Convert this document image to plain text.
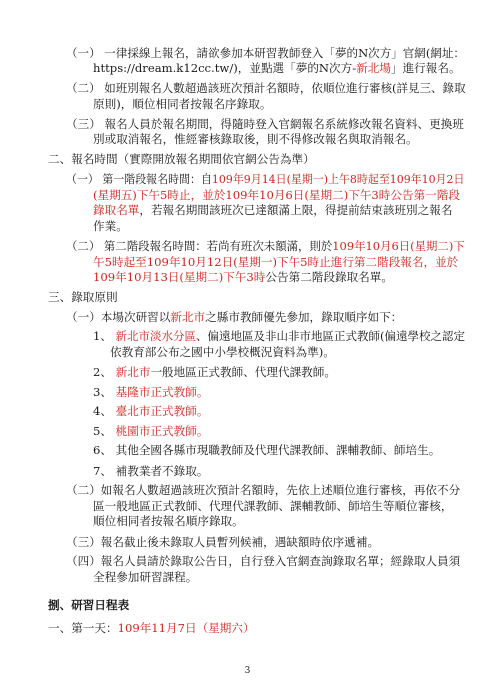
（一） 一律採線上報名，請欲參加本研習教師登入「夢的N次方」官網(網址：
https://dream.k12cc.tw/)，並點選「夢的N次方-新北場」進行報名。
（二） 如班別報名人數超過該班次預計名額時，依順位進行審核(詳見三、錄取
原則)，順位相同者按報名序錄取。
（三） 報名人員於報名期間，得隨時登入官網報名系統修改報名資料、更換班
別或取消報名，惟經審核錄取後，則不得修改報名與取消報名。
二、報名時間（實際開放報名期間依官網公告為準）
（一） 第一階段報名時間：自109年9月14日(星期一)上午8時起至109年10月2日
(星期五)下午5時止，並於109年10月6日(星期二)下午3時公告第一階段
錄取名單，若報名期間該班次已達額滿上限，得提前結束該班別之報名
作業。
（二） 第二階段報名時間：若尚有班次未額滿，則於109年10月6日(星期二)下
午5時起至109年10月12日(星期一)下午5時止進行第二階段報名，並於
109年10月13日(星期二)下午3時公告第二階段錄取名單。
三、錄取原則
（一）本場次研習以新北市之縣市教師優先參加，錄取順序如下：
1、 新北市淡水分區、偏遠地區及非山非市地區正式教師(偏遠學校之認定
依教育部公布之國中小學校概況資料為準)。
2、 新北市一般地區正式教師、代理代課教師。
3、 基隆市正式教師。
4、 臺北市正式教師。
5、 桃園市正式教師。
6、 其他全國各縣市現職教師及代理代課教師、課輔教師、師培生。
7、 補教業者不錄取。
（二）如報名人數超過該班次預計名額時，先依上述順位進行審核，再依不分
區一般地區正式教師、代理代課教師、課輔教師、師培生等順位審核，
順位相同者按報名順序錄取。
（三）報名截止後未錄取人員暫列候補，遇缺額時依序遞補。
（四）報名人員請於錄取公告日，自行登入官網查詢錄取名單；經錄取人員須
全程參加研習課程。
捌、研習日程表
一、第一天：109年11月7日（星期六）
3
